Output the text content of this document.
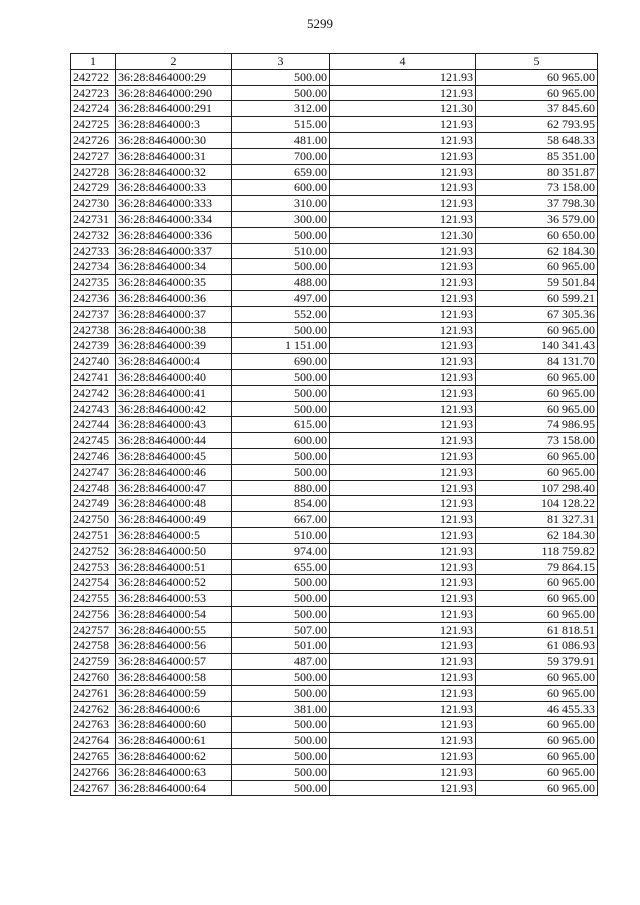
5299
1	2	3	4	5
242722	36:28:8464000:29	500.00	121.93	60 965.00
242723	36:28:8464000:290	500.00	121.93	60 965.00
242724	36:28:8464000:291	312.00	121.30	37 845.60
242725	36:28:8464000:3	515.00	121.93	62 793.95
242726	36:28:8464000:30	481.00	121.93	58 648.33
242727	36:28:8464000:31	700.00	121.93	85 351.00
242728	36:28:8464000:32	659.00	121.93	80 351.87
242729	36:28:8464000:33	600.00	121.93	73 158.00
242730	36:28:8464000:333	310.00	121.93	37 798.30
242731	36:28:8464000:334	300.00	121.93	36 579.00
242732	36:28:8464000:336	500.00	121.30	60 650.00
242733	36:28:8464000:337	510.00	121.93	62 184.30
242734	36:28:8464000:34	500.00	121.93	60 965.00
242735	36:28:8464000:35	488.00	121.93	59 501.84
242736	36:28:8464000:36	497.00	121.93	60 599.21
242737	36:28:8464000:37	552.00	121.93	67 305.36
242738	36:28:8464000:38	500.00	121.93	60 965.00
242739	36:28:8464000:39	1 151.00	121.93	140 341.43
242740	36:28:8464000:4	690.00	121.93	84 131.70
242741	36:28:8464000:40	500.00	121.93	60 965.00
242742	36:28:8464000:41	500.00	121.93	60 965.00
242743	36:28:8464000:42	500.00	121.93	60 965.00
242744	36:28:8464000:43	615.00	121.93	74 986.95
242745	36:28:8464000:44	600.00	121.93	73 158.00
242746	36:28:8464000:45	500.00	121.93	60 965.00
242747	36:28:8464000:46	500.00	121.93	60 965.00
242748	36:28:8464000:47	880.00	121.93	107 298.40
242749	36:28:8464000:48	854.00	121.93	104 128.22
242750	36:28:8464000:49	667.00	121.93	81 327.31
242751	36:28:8464000:5	510.00	121.93	62 184.30
242752	36:28:8464000:50	974.00	121.93	118 759.82
242753	36:28:8464000:51	655.00	121.93	79 864.15
242754	36:28:8464000:52	500.00	121.93	60 965.00
242755	36:28:8464000:53	500.00	121.93	60 965.00
242756	36:28:8464000:54	500.00	121.93	60 965.00
242757	36:28:8464000:55	507.00	121.93	61 818.51
242758	36:28:8464000:56	501.00	121.93	61 086.93
242759	36:28:8464000:57	487.00	121.93	59 379.91
242760	36:28:8464000:58	500.00	121.93	60 965.00
242761	36:28:8464000:59	500.00	121.93	60 965.00
242762	36:28:8464000:6	381.00	121.93	46 455.33
242763	36:28:8464000:60	500.00	121.93	60 965.00
242764	36:28:8464000:61	500.00	121.93	60 965.00
242765	36:28:8464000:62	500.00	121.93	60 965.00
242766	36:28:8464000:63	500.00	121.93	60 965.00
242767	36:28:8464000:64	500.00	121.93	60 965.00
